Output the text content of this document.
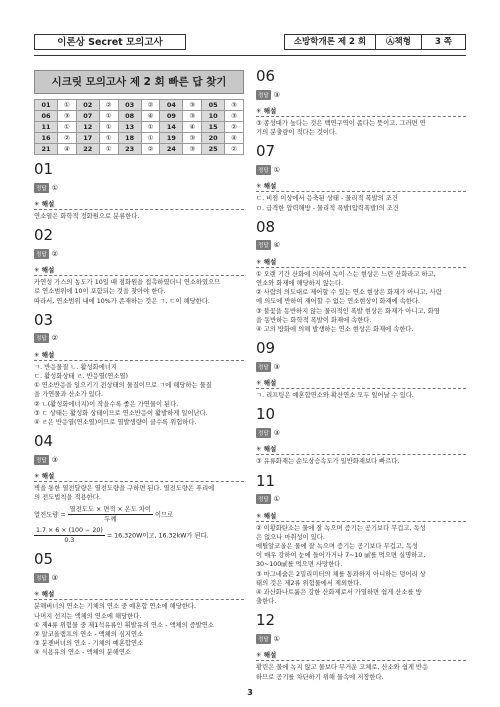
이론상 Secret 모의고사	소방학개론 제 2 회	Ⓐ책형	3 쪽
시크릿 모의고사 제 2 회 빠른 답 찾기
01	①	02	②	03	②	04	③	05	③
06	③	07	①	08	④	09	③	10	③
11	①	12	①	13	①	14	④	15	②
16	②	17	①	18	①	19	③	20	④
21	④	22	①	23	②	24	③	25	②
01
정답 ①
✳ 해설

연소열은 화학적 정화원으로 분류한다.

02
정답 ②
✳ 해설

카연성 가스의 농도가 10일 때 점화원을 접촉하였더니 연소하였으므

로 연소범위에 10이 포함되는 것을 찾아야 한다.

따라서, 연소범위 내에 10%가 존재하는 것은 ㄱ, ㄷ이 해당한다.

03
정답 ②
✳ 해설

ㄱ. 반응물질 ㄴ. 활성화에너지

ㄷ. 활성화상태 ㄹ. 반응열(연소열)

① 연소반응을 일으키기 전상태의 물질이므로 ㄱ에 해당하는 물질

을 가연물과 산소가 있다.

② ㄴ(활성화에너지)이 작을수록 좋은 가연물이 된다.

③ ㄷ 상태는 활성화 상태이므로 연소반응이 활발하게 일어난다.

④ ㄹ은 반응열(연소열)이므로 열발생량이 클수록 위험하다.

04
정답 ③
✳ 해설

벽을 통한 열전달량은 열전도량을 구하면 된다. 열전도량은 푸리에

의 전도법칙을 적용한다.

열전도량 = $\frac{\text{열전도도 × 면적 × 온도 차이}}{\text{두께}}$ 이므로
$\frac{1.7 \times 6 \times (100 - 20)}{0.3} = 16,320W$이고, 16.32kW가 된다.
05
정답 ③
✳ 해설

분해버너의 연소는 기체의 연소 중 예혼합 연소에 해당한다.

나머지 선지는 액체의 연소에 해당한다.

① 제4류 위험물 중 제1석유류인 휘발유의 연소 - 액체의 증발연소

② 알코올램프의 연소 - 액체의 심지연소

③ 분젠버너의 연소 - 기체의 예혼합연소

④ 식용유의 연소 - 액체의 분해연소

06
정답 ③
✳ 해설

③ 종성대가 높다는 것은 백연구역이 좁다는 뜻이고, 그러면 연

기의 분출량이 적다는 것이다.

07
정답 ①
✳ 해설

ㄷ. 비점 이상에서 응축된 상태 - 물리적 폭발의 조건

ㅁ. 급격한 압력해방 - 물리적 폭발(압력폭발)의 조건

08
정답 ④
✳ 해설

① 오랜 기간 산화에 의하여 녹이 스는 현상은 느린 산화라고 하고,

연소와 화재에 해당하지 않는다.

② 사람의 의도대로 제어할 수 있는 연소 현상은 화재가 아니고, 사람

에 의도에 반하여 제어할 수 없는 연소현상이 화재에 속한다.

③ 불꽃을 동반하지 않는 물리적인 폭발 현상은 화재가 아니고, 화염

을 동반하는 화학적 폭발이 화재에 속한다.

④ 고의 방화에 의해 발생하는 연소 현상은 화재에 속한다.

09
정답 ③
✳ 해설

ㄱ. 리프팅은 예혼합연소와 확산연소 모두 일어날 수 있다.

10
정답 ③
✳ 해설

③ 유류화재는 순도상승속도가 일반화재보다 빠르다.

11
정답 ①
✳ 해설

② 이황화탄소는 물에 잘 녹으며 증기는 공기보다 무겁고, 독성

은 없으나 마취성이 있다.

메틸알코올은 물에 잘 녹으며 증기는 공기보다 무겁고, 독성

이 매우 강하여 눈에 들어가거나 7~10 ㎖를 먹으면 실명하고,

30~100㎖를 먹으면 사망한다.

③ 마그네슘은 2밀리미터의 체를 통과하지 아니하는 덩어리 상

태의 것은 제2류 위험물에서 제외한다.

④ 과산화나트륨은 강한 산화제로서 가열하면 쉽게 산소를 방

출한다.

12
정답 ①
✳ 해설

황린은 물에 녹지 않고 물보다 무거운 고체로, 산소와 쉽게 반응

하므로 공기를 차단하기 위해 물속에 저장한다.

3
